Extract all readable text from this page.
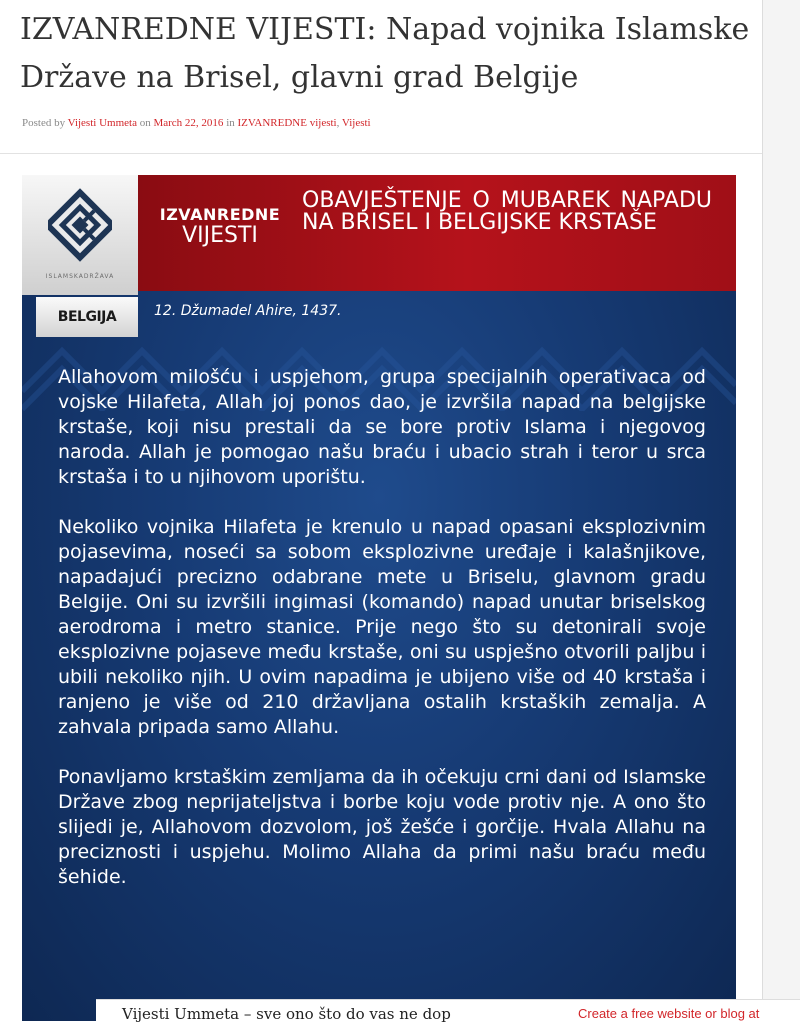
IZVANREDNE VIJESTI: Napad vojnika Islamske Države na Brisel, glavni grad Belgije
Posted by Vijesti Ummeta on March 22, 2016 in IZVANREDNE vijesti, Vijesti
ISLAMSKADRŽAVA
IZVANREDNE
VIJESTI
OBAVJEŠTENJE O MUBAREK NAPADU NA BRISEL I BELGIJSKE KRSTAŠE
BELGIJA	12. Džumadel Ahire, 1437.

Allahovom milošću i uspjehom, grupa specijalnih operativaca od vojske Hilafeta, Allah joj ponos dao, je izvršila napad na belgijske krstaše, koji nisu prestali da se bore protiv Islama i njegovog naroda. Allah je pomogao našu braću i ubacio strah i teror u srca krstaša i to u njihovom uporištu.

Nekoliko vojnika Hilafeta je krenulo u napad opasani eksplozivnim pojasevima, noseći sa sobom eksplozivne uređaje i kalašnjikove, napadajući precizno odabrane mete u Briselu, glavnom gradu Belgije. Oni su izvršili ingimasi (komando) napad unutar briselskog aerodroma i metro stanice. Prije nego što su detonirali svoje eksplozivne pojaseve među krstaše, oni su uspješno otvorili paljbu i ubili nekoliko njih. U ovim napadima je ubijeno više od 40 krstaša i ranjeno je više od 210 državljana ostalih krstaških zemalja. A zahvala pripada samo Allahu.

Ponavljamo krstaškim zemljama da ih očekuju crni dani od Islamske Države zbog neprijateljstva i borbe koju vode protiv nje. A ono što slijedi je, Allahovom dozvolom, još žešće i gorčije. Hvala Allahu na preciznosti i uspjehu. Molimo Allaha da primi našu braću među šehide.

Vijesti Ummeta – sve ono što do vas ne dop	Create a free website or blog at
